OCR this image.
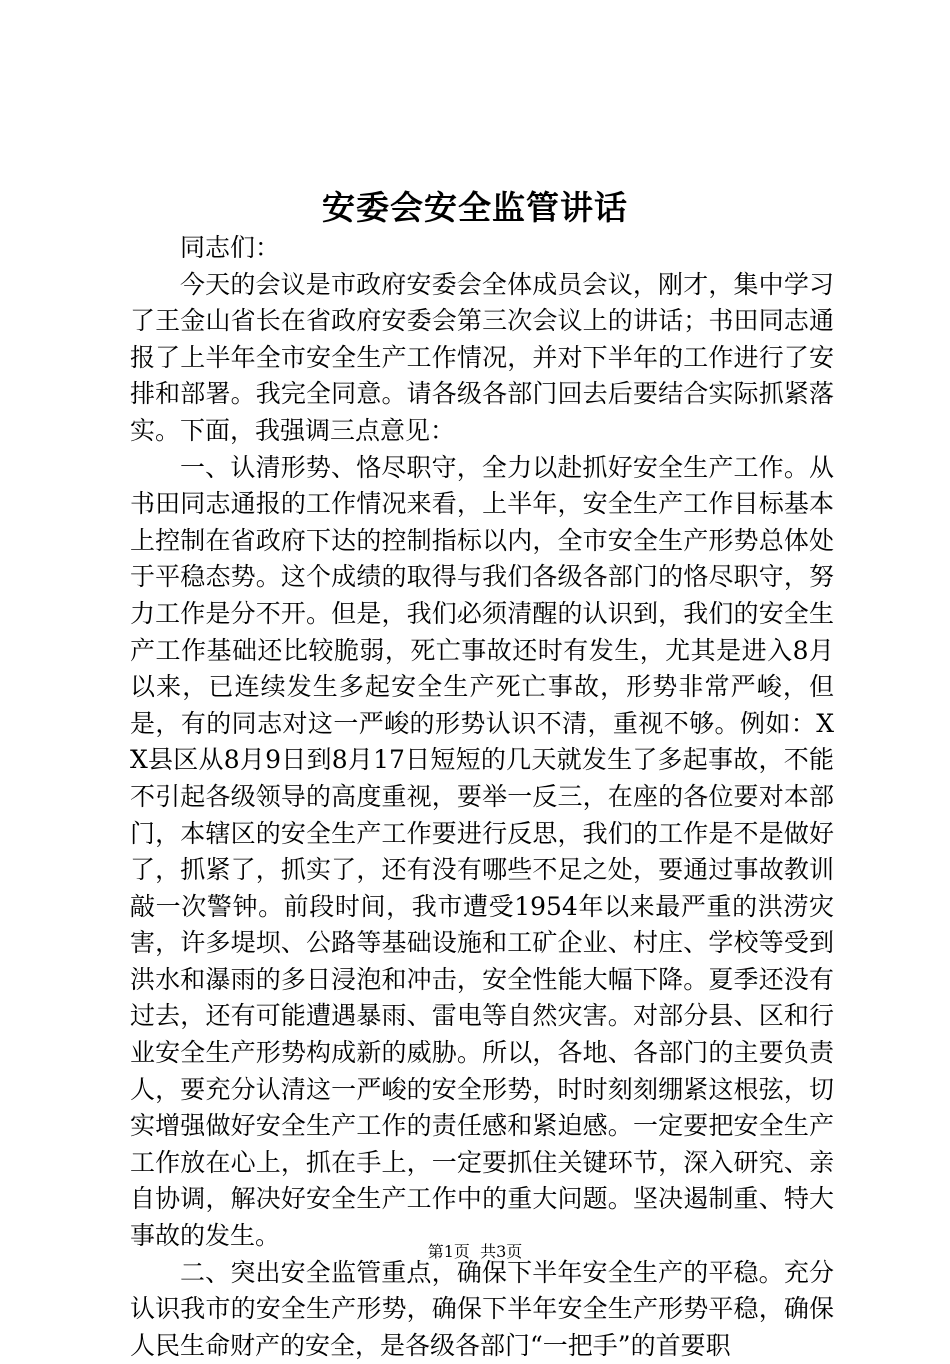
安委会安全监管讲话

同志们：

今天的会议是市政府安委会全体成员会议，刚才，集中学习了王金山省长在省政府安委会第三次会议上的讲话；书田同志通报了上半年全市安全生产工作情况，并对下半年的工作进行了安排和部署。我完全同意。请各级各部门回去后要结合实际抓紧落实。下面，我强调三点意见：

一、认清形势、恪尽职守，全力以赴抓好安全生产工作。从书田同志通报的工作情况来看，上半年，安全生产工作目标基本上控制在省政府下达的控制指标以内，全市安全生产形势总体处于平稳态势。这个成绩的取得与我们各级各部门的恪尽职守，努力工作是分不开。但是，我们必须清醒的认识到，我们的安全生产工作基础还比较脆弱，死亡事故还时有发生，尤其是进入8月以来，已连续发生多起安全生产死亡事故，形势非常严峻，但是，有的同志对这一严峻的形势认识不清，重视不够。例如：XX县区从8月9日到8月17日短短的几天就发生了多起事故，不能不引起各级领导的高度重视，要举一反三，在座的各位要对本部门，本辖区的安全生产工作要进行反思，我们的工作是不是做好了，抓紧了，抓实了，还有没有哪些不足之处，要通过事故教训敲一次警钟。前段时间，我市遭受1954年以来最严重的洪涝灾害，许多堤坝、公路等基础设施和工矿企业、村庄、学校等受到洪水和瀑雨的多日浸泡和冲击，安全性能大幅下降。夏季还没有过去，还有可能遭遇暴雨、雷电等自然灾害。对部分县、区和行业安全生产形势构成新的威胁。所以，各地、各部门的主要负责人，要充分认清这一严峻的安全形势，时时刻刻绷紧这根弦，切实增强做好安全生产工作的责任感和紧迫感。一定要把安全生产工作放在心上，抓在手上，一定要抓住关键环节，深入研究、亲自协调，解决好安全生产工作中的重大问题。坚决遏制重、特大事故的发生。

二、突出安全监管重点，确保下半年安全生产的平稳。充分认识我市的安全生产形势，确保下半年安全生产形势平稳，确保人民生命财产的安全，是各级各部门“一把手”的首要职

第1页 共3页
